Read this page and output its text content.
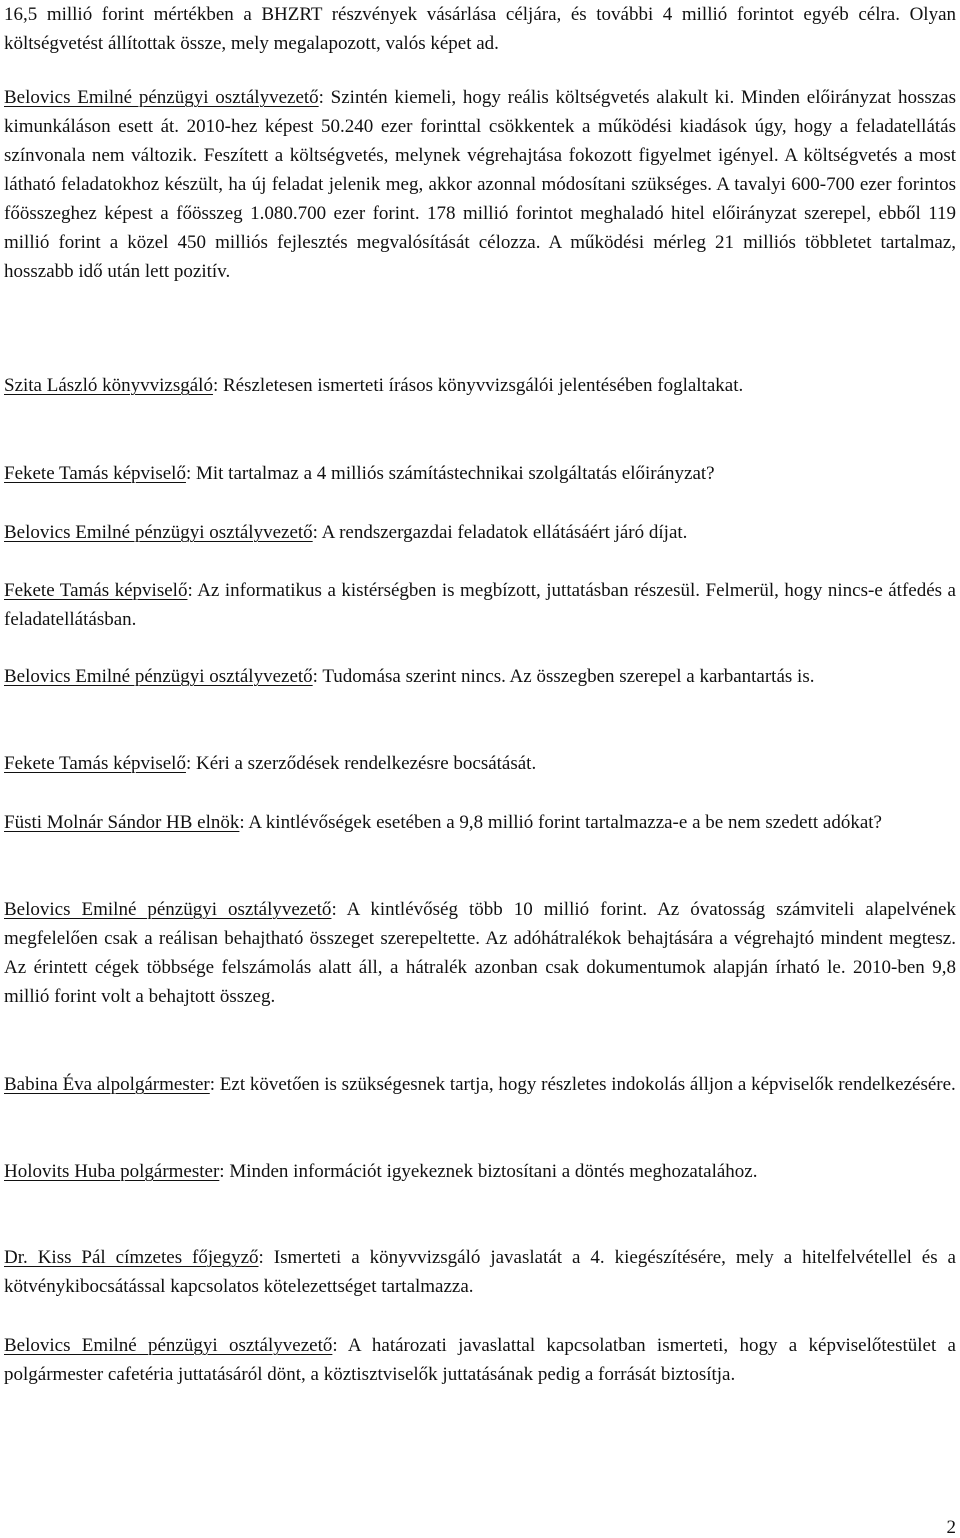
16,5 millió forint mértékben a BHZRT részvények vásárlása céljára, és további 4 millió forintot egyéb célra. Olyan költségvetést állítottak össze, mely megalapozott, valós képet ad.

Belovics Emilné pénzügyi osztályvezető: Szintén kiemeli, hogy reális költségvetés alakult ki. Minden előirányzat hosszas kimunkáláson esett át. 2010-hez képest 50.240 ezer forinttal csökkentek a működési kiadások úgy, hogy a feladatellátás színvonala nem változik. Feszített a költségvetés, melynek végrehajtása fokozott figyelmet igényel. A költségvetés a most látható feladatokhoz készült, ha új feladat jelenik meg, akkor azonnal módosítani szükséges. A tavalyi 600-700 ezer forintos főösszeghez képest a főösszeg 1.080.700 ezer forint. 178 millió forintot meghaladó hitel előirányzat szerepel, ebből 119 millió forint a közel 450 milliós fejlesztés megvalósítását célozza. A működési mérleg 21 milliós többletet tartalmaz, hosszabb idő után lett pozitív.

Szita László könyvvizsgáló: Részletesen ismerteti írásos könyvvizsgálói jelentésében foglaltakat.

Fekete Tamás képviselő: Mit tartalmaz a 4 milliós számítástechnikai szolgáltatás előirányzat?

Belovics Emilné pénzügyi osztályvezető: A rendszergazdai feladatok ellátásáért járó díjat.

Fekete Tamás képviselő: Az informatikus a kistérségben is megbízott, juttatásban részesül. Felmerül, hogy nincs-e átfedés a feladatellátásban.

Belovics Emilné pénzügyi osztályvezető: Tudomása szerint nincs. Az összegben szerepel a karbantartás is.

Fekete Tamás képviselő: Kéri a szerződések rendelkezésre bocsátását.

Füsti Molnár Sándor HB elnök: A kintlévőségek esetében a 9,8 millió forint tartalmazza-e a be nem szedett adókat?

Belovics Emilné pénzügyi osztályvezető: A kintlévőség több 10 millió forint. Az óvatosság számviteli alapelvének megfelelően csak a reálisan behajtható összeget szerepeltette. Az adóhátralékok behajtására a végrehajtó mindent megtesz. Az érintett cégek többsége felszámolás alatt áll, a hátralék azonban csak dokumentumok alapján írható le. 2010-ben 9,8 millió forint volt a behajtott összeg.

Babina Éva alpolgármester: Ezt követően is szükségesnek tartja, hogy részletes indokolás álljon a képviselők rendelkezésére.

Holovits Huba polgármester: Minden információt igyekeznek biztosítani a döntés meghozatalához.

Dr. Kiss Pál címzetes főjegyző: Ismerteti a könyvvizsgáló javaslatát a 4. kiegészítésére, mely a hitelfelvétellel és a kötvénykibocsátással kapcsolatos kötelezettséget tartalmazza.

Belovics Emilné pénzügyi osztályvezető: A határozati javaslattal kapcsolatban ismerteti, hogy a képviselőtestület a polgármester cafetéria juttatásáról dönt, a köztisztviselők juttatásának pedig a forrását biztosítja.

2
